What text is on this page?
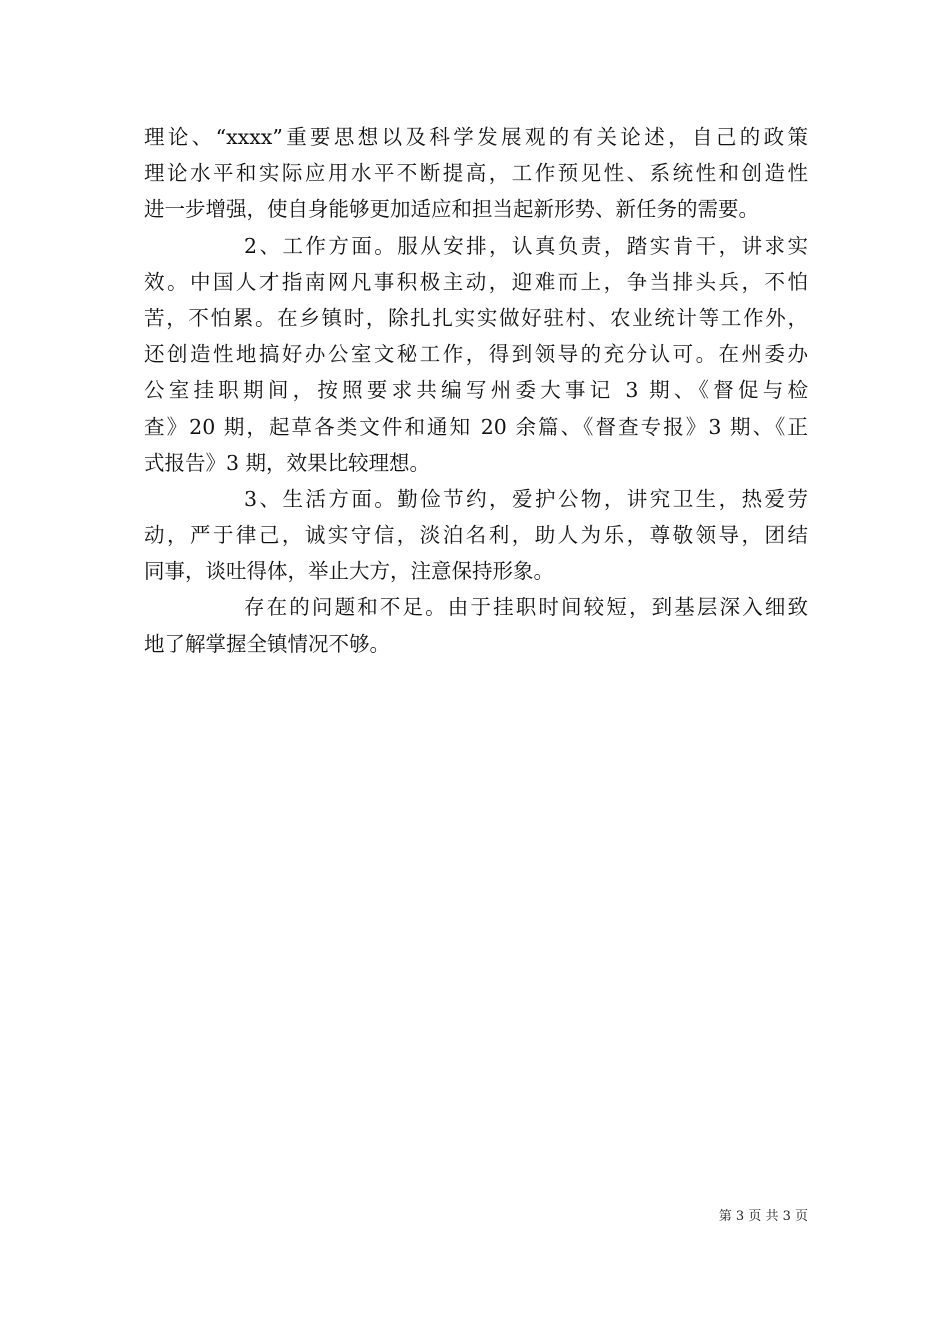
理论、“xxxx”重要思想以及科学发展观的有关论述，自己的政策
理论水平和实际应用水平不断提高，工作预见性、系统性和创造性
进一步增强，使自身能够更加适应和担当起新形势、新任务的需要。
2、工作方面。服从安排，认真负责，踏实肯干，讲求实
效。中国人才指南网凡事积极主动，迎难而上，争当排头兵，不怕
苦，不怕累。在乡镇时，除扎扎实实做好驻村、农业统计等工作外，
还创造性地搞好办公室文秘工作，得到领导的充分认可。在州委办
公室挂职期间，按照要求共编写州委大事记 3 期、《督促与检
查》20 期，起草各类文件和通知 20 余篇、《督查专报》3 期、《正
式报告》3 期，效果比较理想。
3、生活方面。勤俭节约，爱护公物，讲究卫生，热爱劳
动，严于律己，诚实守信，淡泊名利，助人为乐，尊敬领导，团结
同事，谈吐得体，举止大方，注意保持形象。
存在的问题和不足。由于挂职时间较短，到基层深入细致
地了解掌握全镇情况不够。
第 3 页 共 3 页
